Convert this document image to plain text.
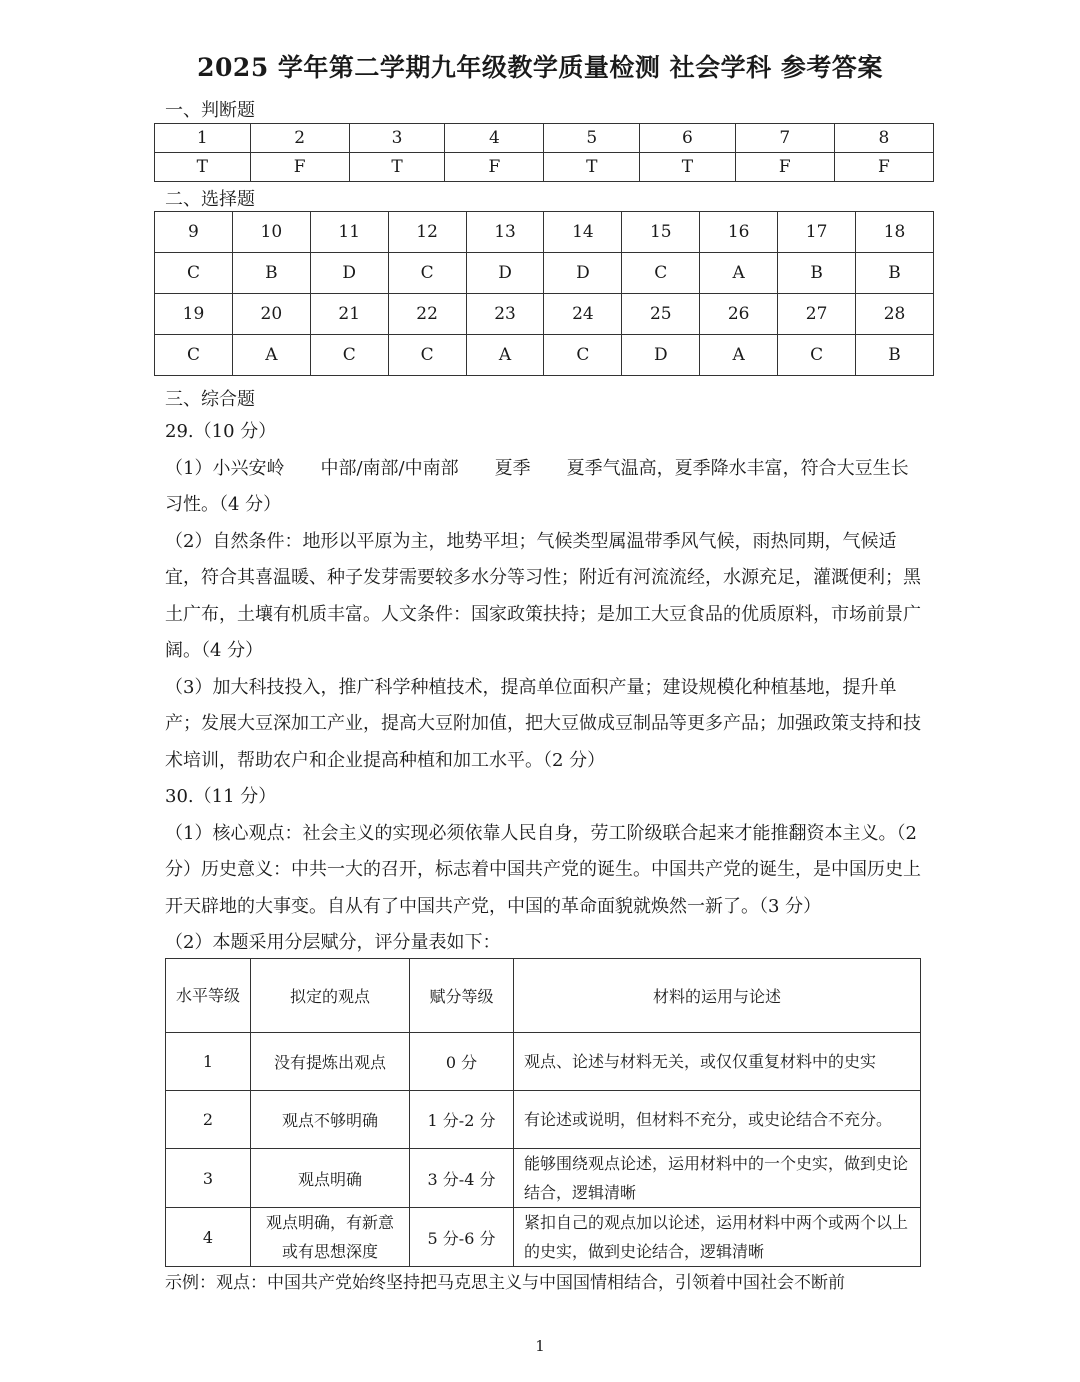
2025 学年第二学期九年级教学质量检测 社会学科 参考答案
一、判断题
1	2	3	4	5	6	7	8
T	F	T	F	T	T	F	F
二、选择题
9	10	11	12	13	14	15	16	17	18
C	B	D	C	D	D	C	A	B	B
19	20	21	22	23	24	25	26	27	28
C	A	C	C	A	C	D	A	C	B
三、综合题

29.（10 分）

（1）小兴安岭　　中部/南部/中南部　　夏季　　夏季气温高，夏季降水丰富，符合大豆生长习性。（4 分）

（2）自然条件：地形以平原为主，地势平坦；气候类型属温带季风气候，雨热同期，气候适宜，符合其喜温暖、种子发芽需要较多水分等习性；附近有河流流经，水源充足，灌溉便利；黑土广布，土壤有机质丰富。人文条件：国家政策扶持；是加工大豆食品的优质原料，市场前景广阔。（4 分）

（3）加大科技投入，推广科学种植技术，提高单位面积产量；建设规模化种植基地，提升单产；发展大豆深加工产业，提高大豆附加值，把大豆做成豆制品等更多产品；加强政策支持和技术培训，帮助农户和企业提高种植和加工水平。（2 分）

30.（11 分）

（1）核心观点：社会主义的实现必须依靠人民自身，劳工阶级联合起来才能推翻资本主义。（2 分）历史意义：中共一大的召开，标志着中国共产党的诞生。中国共产党的诞生，是中国历史上开天辟地的大事变。自从有了中国共产党，中国的革命面貌就焕然一新了。（3 分）

（2）本题采用分层赋分，评分量表如下：

水平等级	拟定的观点	赋分等级	材料的运用与论述
1	没有提炼出观点	0 分	观点、论述与材料无关，或仅仅重复材料中的史实
2	观点不够明确	1 分-2 分	有论述或说明，但材料不充分，或史论结合不充分。
3	观点明确	3 分-4 分	能够围绕观点论述，运用材料中的一个史实，做到史论结合，逻辑清晰
4	观点明确，有新意或有思想深度	5 分-6 分	紧扣自己的观点加以论述，运用材料中两个或两个以上的史实，做到史论结合，逻辑清晰
示例：观点：中国共产党始终坚持把马克思主义与中国国情相结合，引领着中国社会不断前
1
